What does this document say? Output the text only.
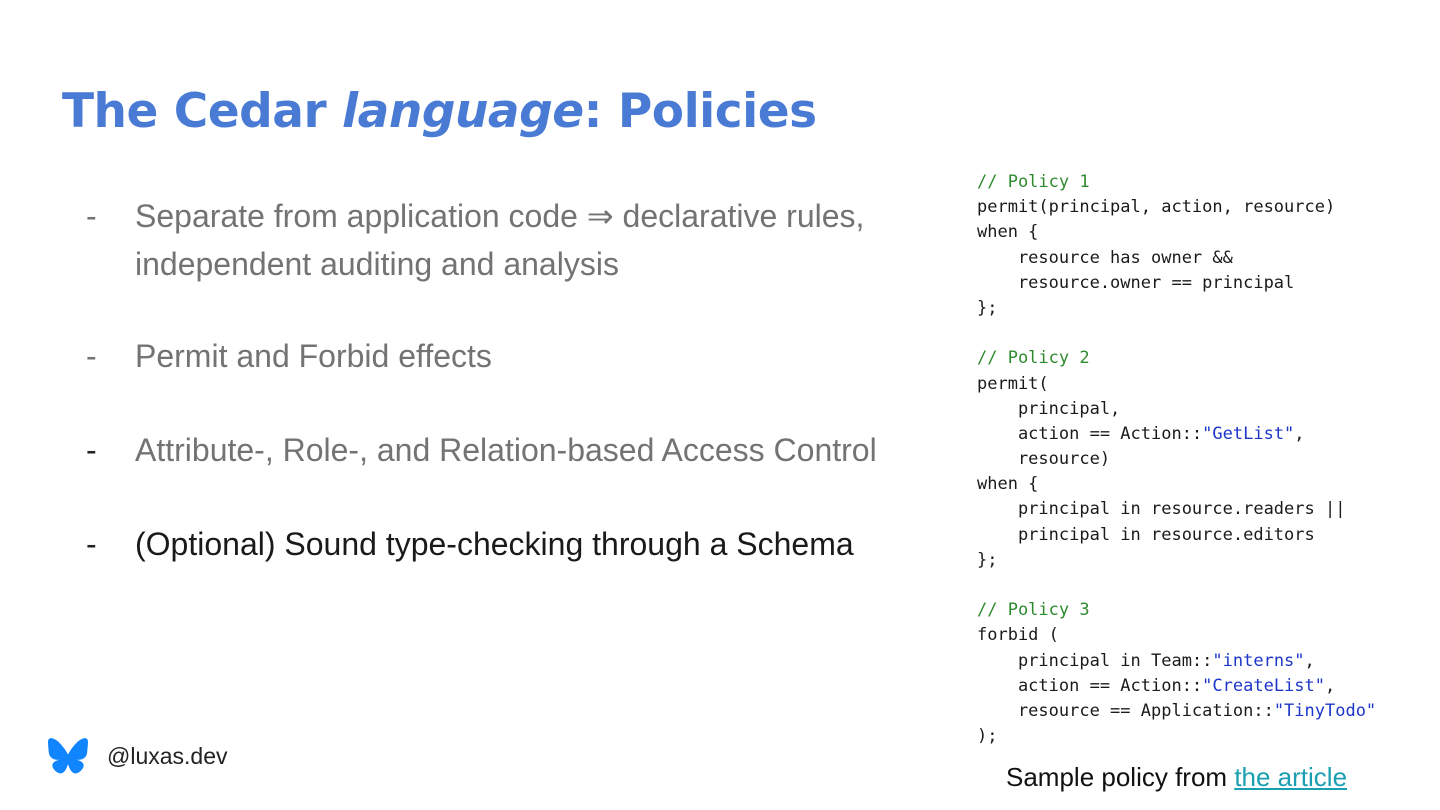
The Cedar language: Policies
-	Separate from application code ⇒ declarative rules,
independent auditing and analysis
-	Permit and Forbid effects
-	Attribute-, Role-, and Relation-based Access Control
-	(Optional) Sound type-checking through a Schema
// Policy 1
permit(principal, action, resource)
when {
resource has owner &&
resource.owner == principal
};
// Policy 2
permit(
principal,
action == Action::"GetList",
resource)
when {
principal in resource.readers ||
principal in resource.editors
};
// Policy 3
forbid (
principal in Team::"interns",
action == Action::"CreateList",
resource == Application::"TinyTodo"
);
Sample policy from the article
@luxas.dev
